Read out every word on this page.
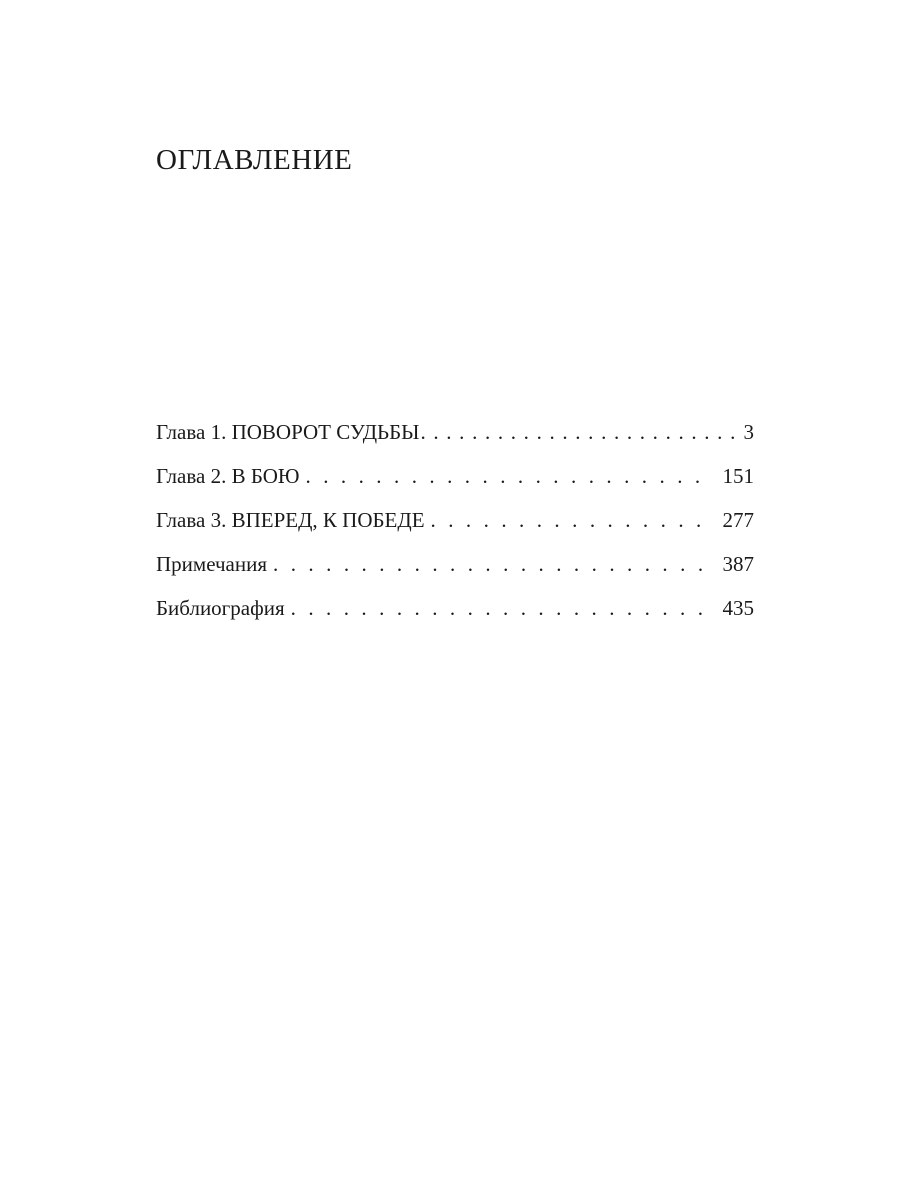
ОГЛАВЛЕНИЕ
Глава 1. ПОВОРОТ СУДЬБЫ . . .	3
Глава 2. В БОЮ . . .	151
Глава 3. ВПЕРЕД, К ПОБЕДЕ . . .	277
Примечания . . .	387
Библиография . . .	435
